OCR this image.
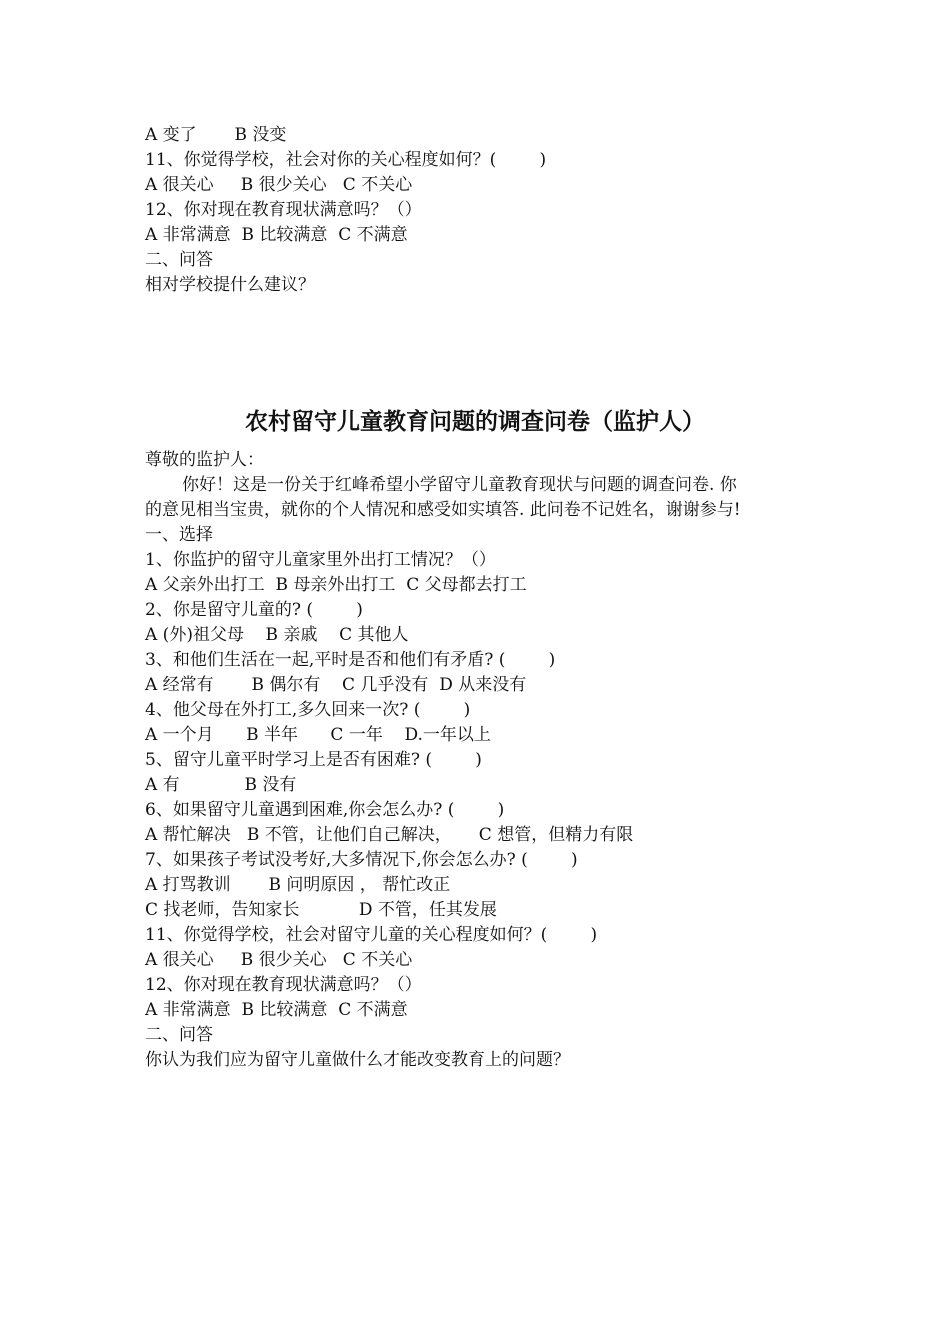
A 变了       B 没变
11、你觉得学校，社会对你的关心程度如何？(        )
A 很关心     B 很少关心   C 不关心
12、你对现在教育现状满意吗？（）
A 非常满意  B 比较满意  C 不满意
二、问答
相对学校提什么建议？
农村留守儿童教育问题的调查问卷（监护人）
尊敬的监护人：
你好！这是一份关于红峰希望小学留守儿童教育现状与问题的调查问卷. 你
的意见相当宝贵，就你的个人情况和感受如实填答. 此问卷不记姓名，谢谢参与!
一、选择
1、你监护的留守儿童家里外出打工情况？（）
A 父亲外出打工  B 母亲外出打工  C 父母都去打工
2、你是留守儿童的? (        )
A (外)祖父母    B 亲戚    C 其他人
3、和他们生活在一起,平时是否和他们有矛盾? (        )
A 经常有       B 偶尔有    C 几乎没有  D 从来没有
4、他父母在外打工,多久回来一次? (        )
A 一个月      B 半年      C 一年    D.一年以上
5、留守儿童平时学习上是否有困难? (        )
A 有            B 没有
6、如果留守儿童遇到困难,你会怎么办? (        )
A 帮忙解决   B 不管，让他们自己解决，     C 想管，但精力有限
7、如果孩子考试没考好,大多情况下,你会怎么办? (        )
A 打骂教训       B 问明原因 ， 帮忙改正
C 找老师，告知家长           D 不管，任其发展
11、你觉得学校，社会对留守儿童的关心程度如何？(        )
A 很关心     B 很少关心   C 不关心
12、你对现在教育现状满意吗？（）
A 非常满意  B 比较满意  C 不满意
二、问答
你认为我们应为留守儿童做什么才能改变教育上的问题？
